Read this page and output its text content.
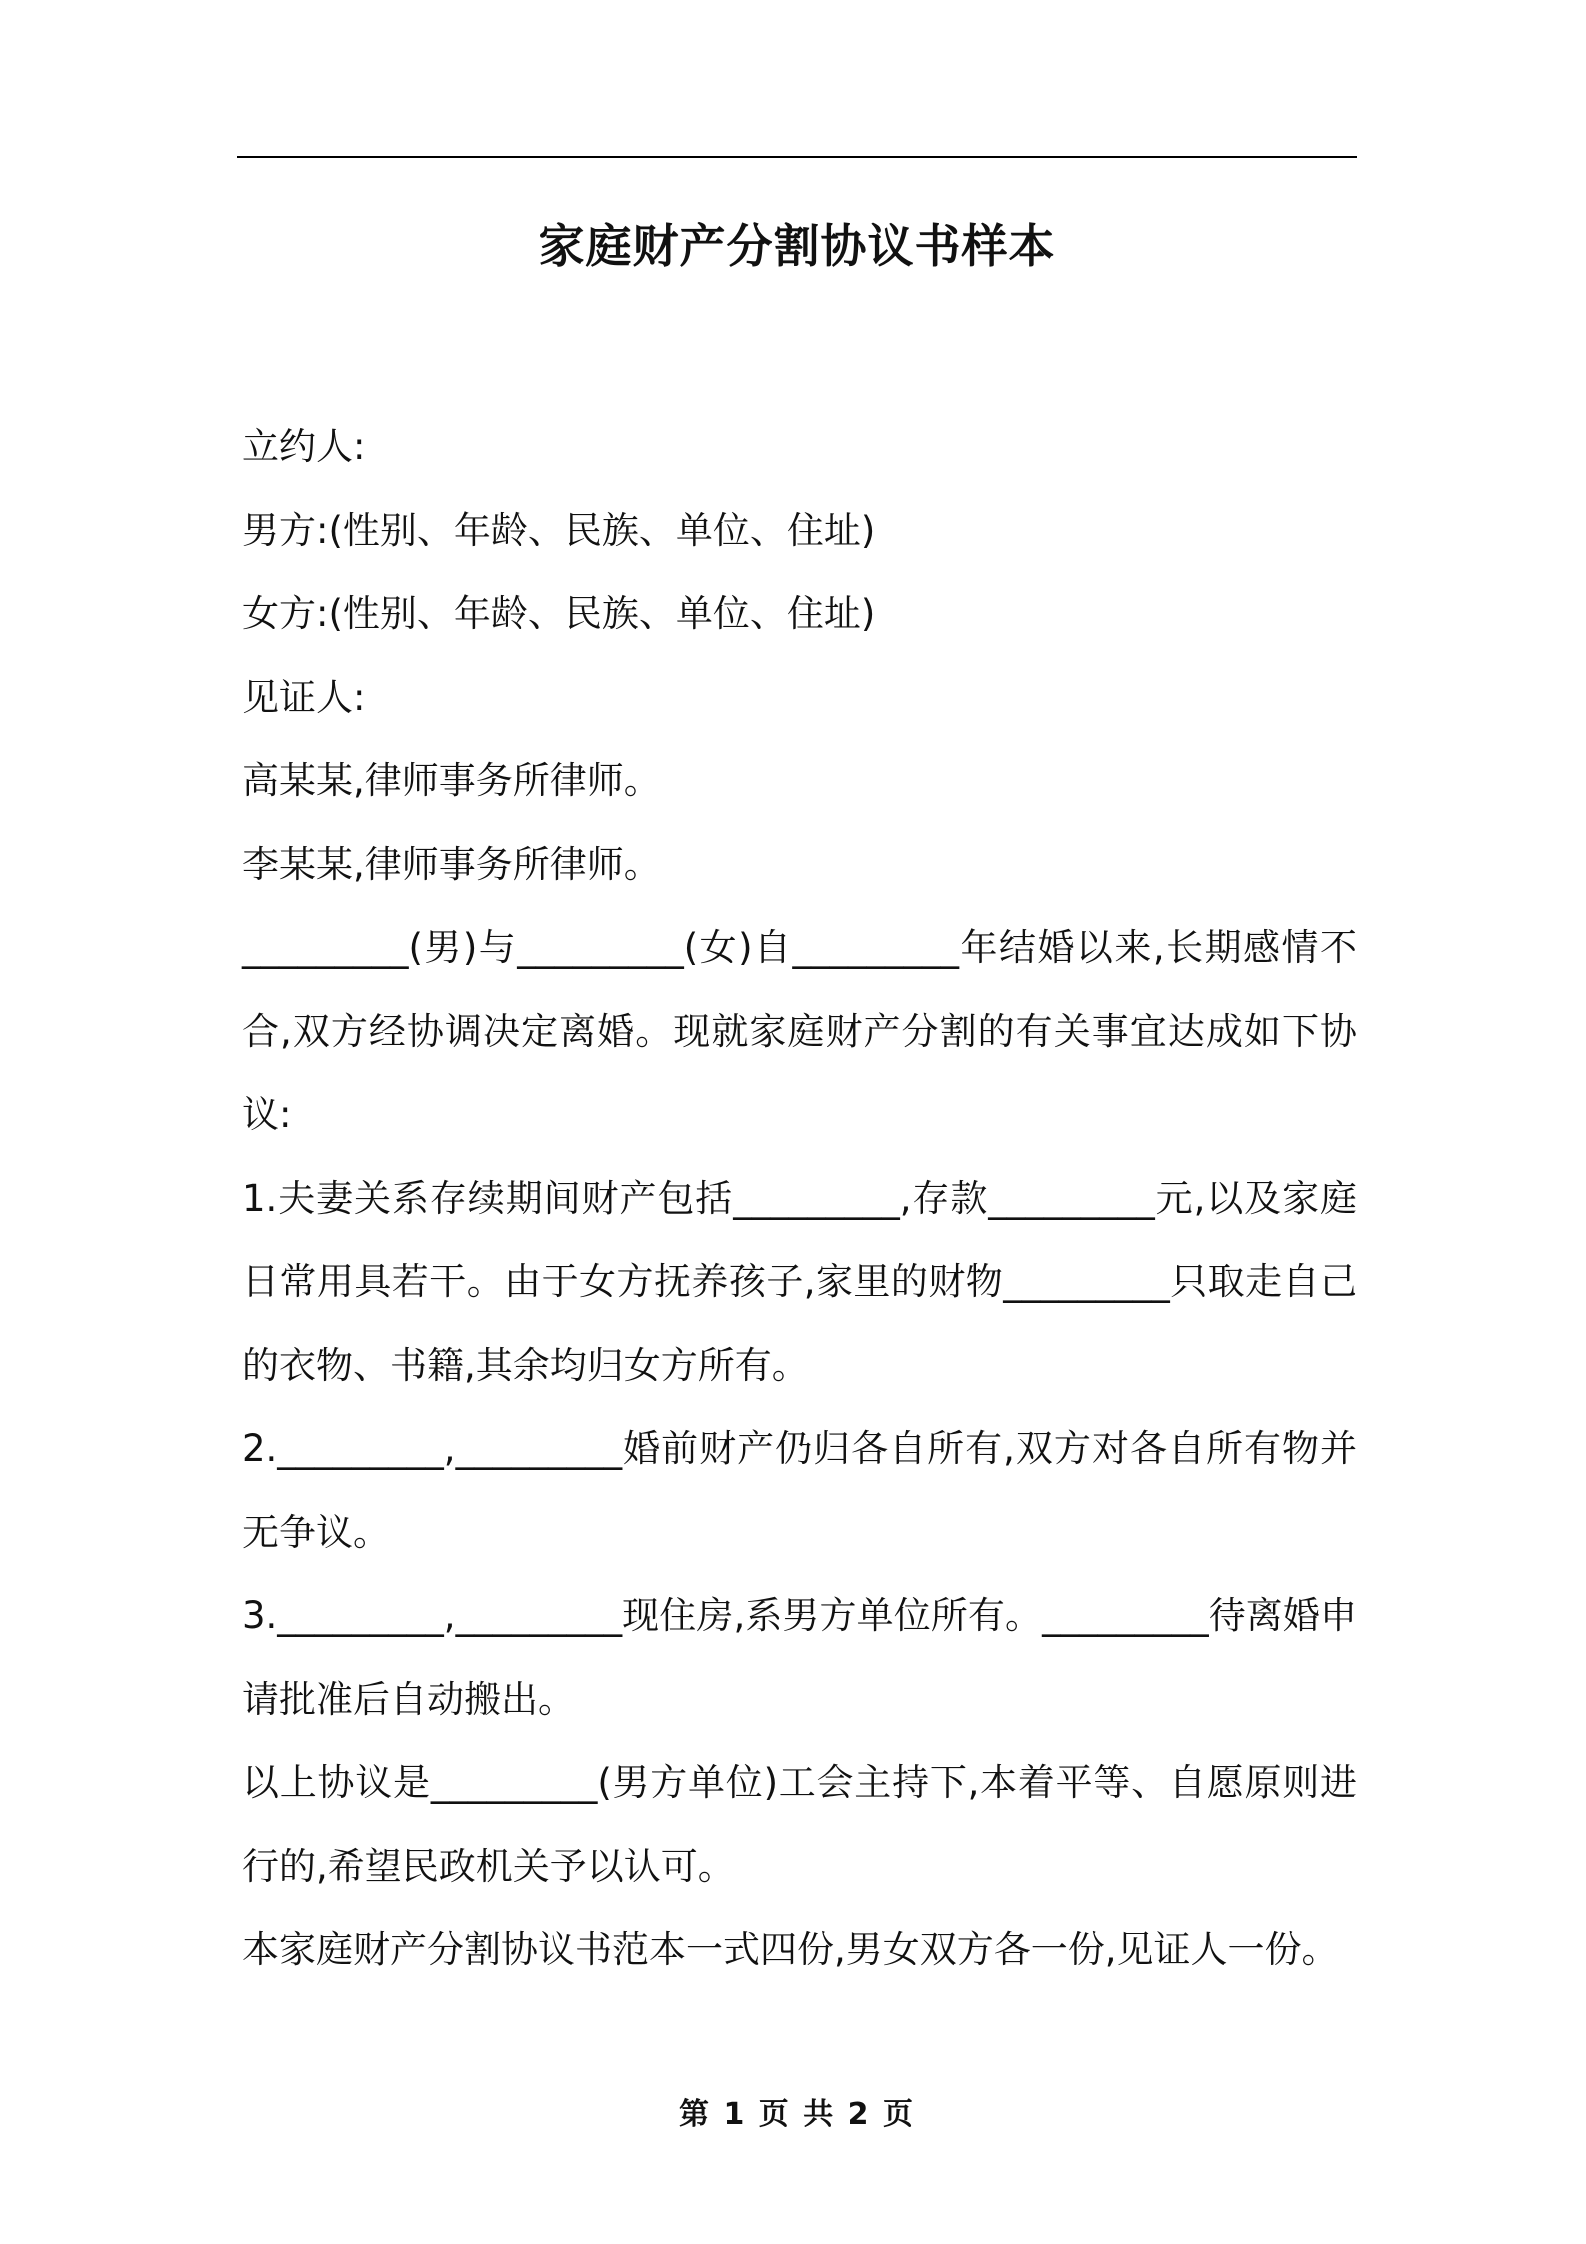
家庭财产分割协议书样本

立约人:

男方:(性别、年龄、民族、单位、住址)

女方:(性别、年龄、民族、单位、住址)

见证人:

高某某,律师事务所律师。

李某某,律师事务所律师。

_________(男)与_________(女)自_________年结婚以来,长期感情不合,双方经协调决定离婚。现就家庭财产分割的有关事宜达成如下协议:

1.夫妻关系存续期间财产包括_________,存款_________元,以及家庭日常用具若干。由于女方抚养孩子,家里的财物_________只取走自己的衣物、书籍,其余均归女方所有。

2._________,_________婚前财产仍归各自所有,双方对各自所有物并无争议。

3._________,_________现住房,系男方单位所有。_________待离婚申请批准后自动搬出。

以上协议是_________(男方单位)工会主持下,本着平等、自愿原则进行的,希望民政机关予以认可。

本家庭财产分割协议书范本一式四份,男女双方各一份,见证人一份。

第 1 页 共 2 页
